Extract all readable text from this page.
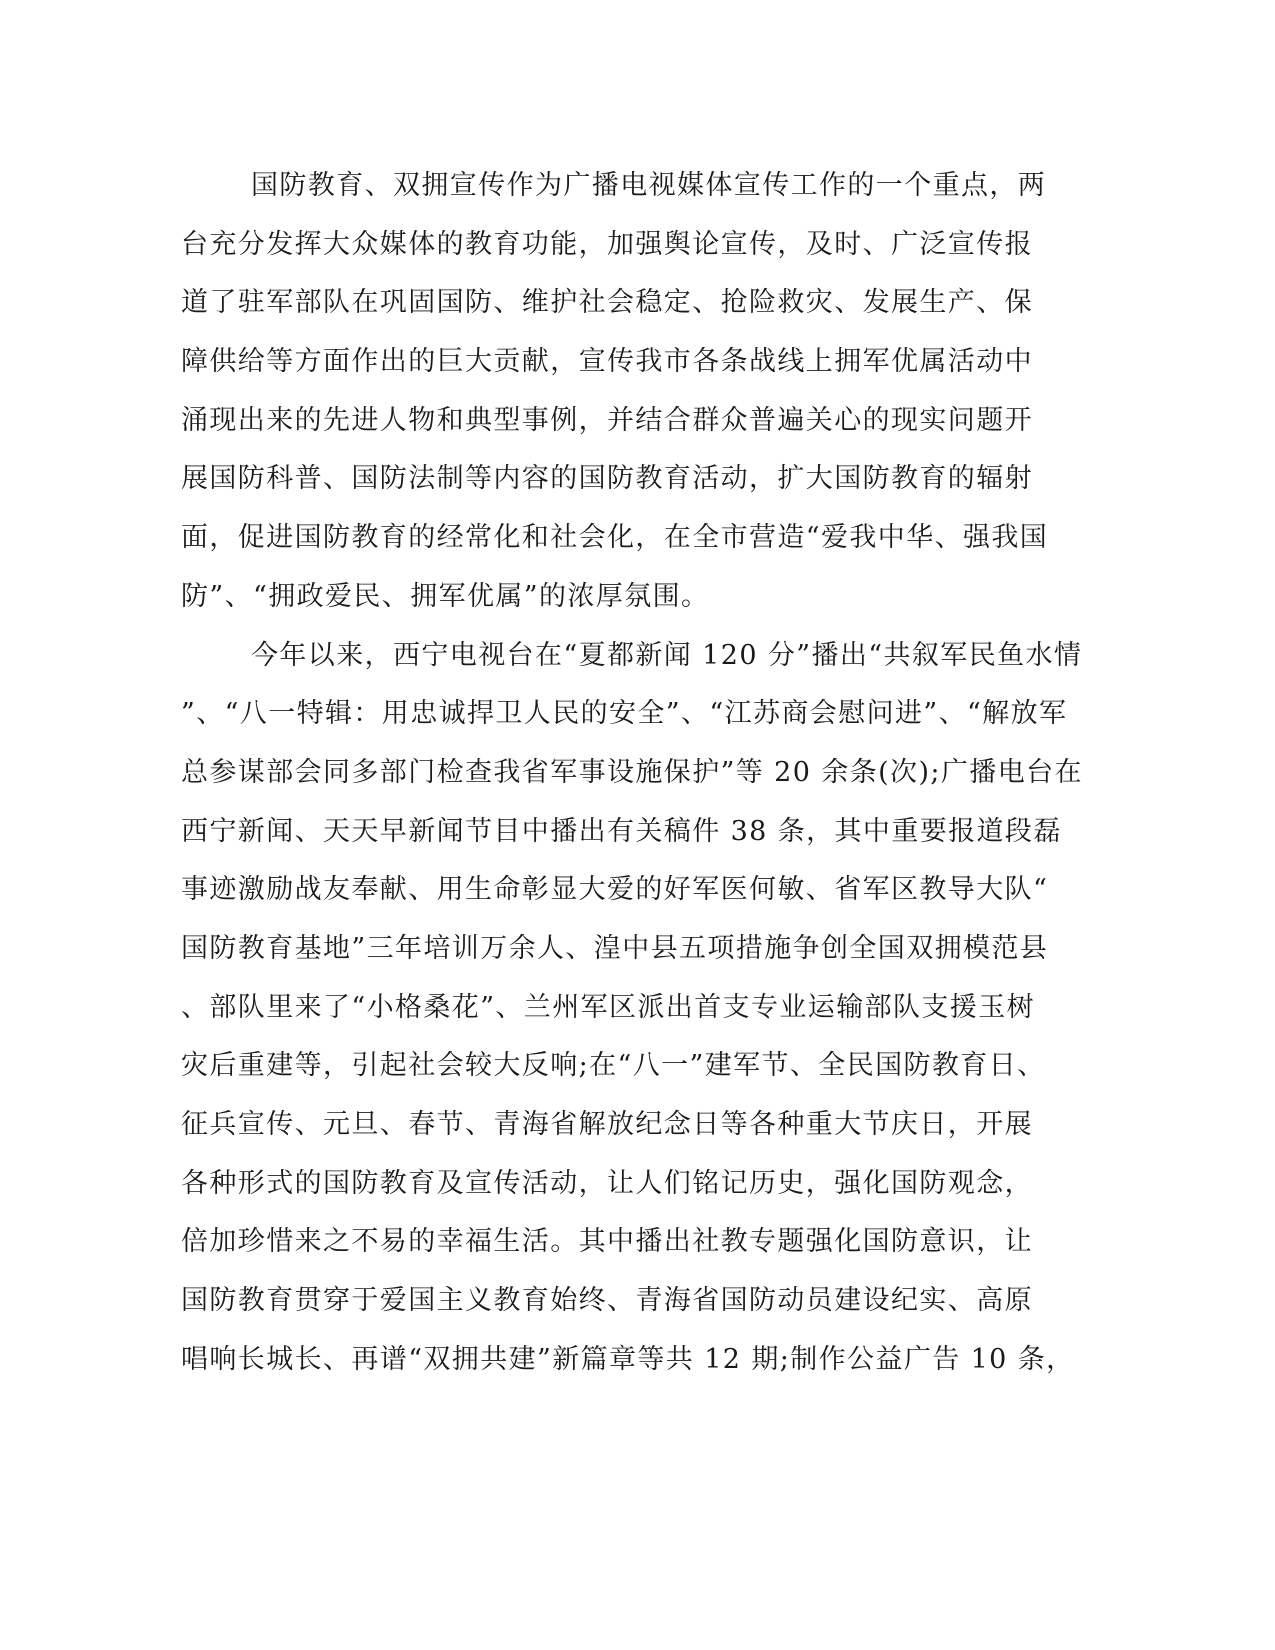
国防教育、双拥宣传作为广播电视媒体宣传工作的一个重点，两
台充分发挥大众媒体的教育功能，加强舆论宣传，及时、广泛宣传报
道了驻军部队在巩固国防、维护社会稳定、抢险救灾、发展生产、保
障供给等方面作出的巨大贡献，宣传我市各条战线上拥军优属活动中
涌现出来的先进人物和典型事例，并结合群众普遍关心的现实问题开
展国防科普、国防法制等内容的国防教育活动，扩大国防教育的辐射
面，促进国防教育的经常化和社会化，在全市营造“爱我中华、强我国
防”、“拥政爱民、拥军优属”的浓厚氛围。
今年以来，西宁电视台在“夏都新闻 120 分”播出“共叙军民鱼水情
”、“八一特辑：用忠诚捍卫人民的安全”、“江苏商会慰问进”、“解放军
总参谋部会同多部门检查我省军事设施保护”等 20 余条(次);广播电台在
西宁新闻、天天早新闻节目中播出有关稿件 38 条，其中重要报道段磊
事迹激励战友奉献、用生命彰显大爱的好军医何敏、省军区教导大队“
国防教育基地”三年培训万余人、湟中县五项措施争创全国双拥模范县
、部队里来了“小格桑花”、兰州军区派出首支专业运输部队支援玉树
灾后重建等，引起社会较大反响;在“八一”建军节、全民国防教育日、
征兵宣传、元旦、春节、青海省解放纪念日等各种重大节庆日，开展
各种形式的国防教育及宣传活动，让人们铭记历史，强化国防观念，
倍加珍惜来之不易的幸福生活。其中播出社教专题强化国防意识，让
国防教育贯穿于爱国主义教育始终、青海省国防动员建设纪实、高原
唱响长城长、再谱“双拥共建”新篇章等共 12 期;制作公益广告 10 条，
